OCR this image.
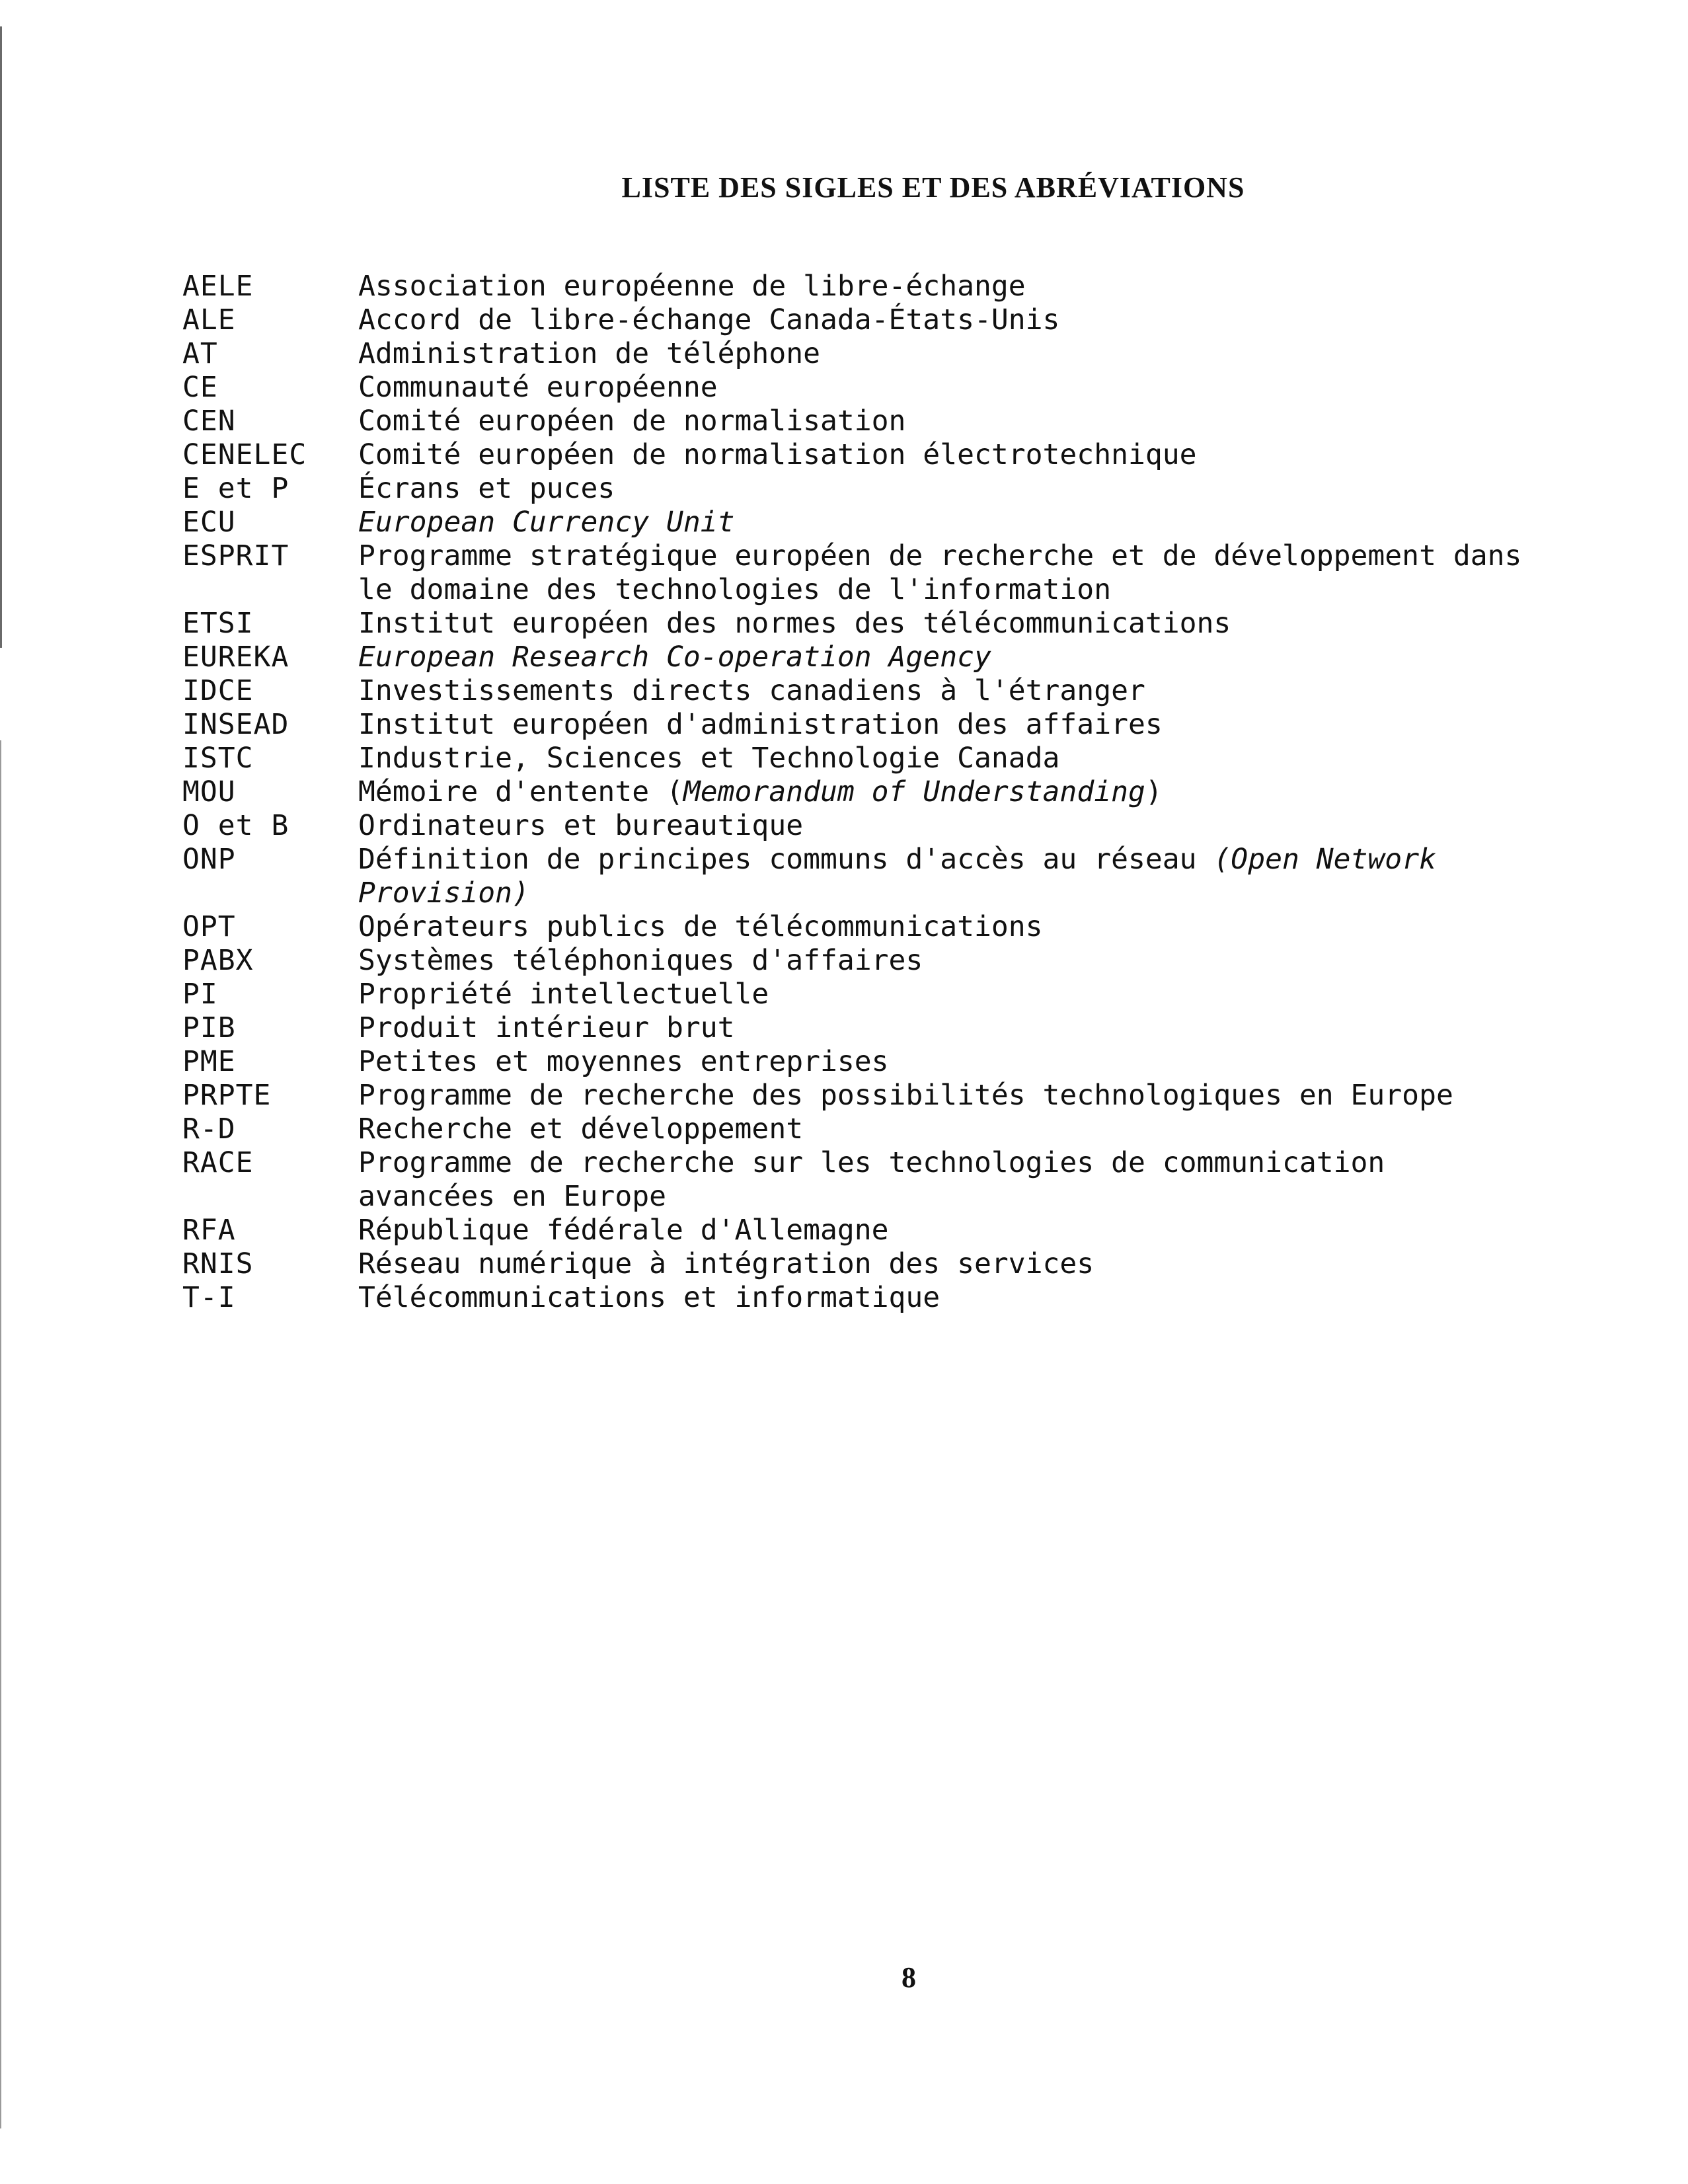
LISTE DES SIGLES ET DES ABRÉVIATIONS
AELE	Association européenne de libre-échange
ALE	Accord de libre-échange Canada-États-Unis
AT	Administration de téléphone
CE	Communauté européenne
CEN	Comité européen de normalisation
CENELEC	Comité européen de normalisation électrotechnique
E et P	Écrans et puces
ECU	European Currency Unit
ESPRIT	Programme stratégique européen de recherche et de développement dans le domaine des technologies de l'information
ETSI	Institut européen des normes des télécommunications
EUREKA	European Research Co-operation Agency
IDCE	Investissements directs canadiens à l'étranger
INSEAD	Institut européen d'administration des affaires
ISTC	Industrie, Sciences et Technologie Canada
MOU	Mémoire d'entente (Memorandum of Understanding)
O et B	Ordinateurs et bureautique
ONP	Définition de principes communs d'accès au réseau (Open Network Provision)
OPT	Opérateurs publics de télécommunications
PABX	Systèmes téléphoniques d'affaires
PI	Propriété intellectuelle
PIB	Produit intérieur brut
PME	Petites et moyennes entreprises
PRPTE	Programme de recherche des possibilités technologiques en Europe
R-D	Recherche et développement
RACE	Programme de recherche sur les technologies de communication avancées en Europe
RFA	République fédérale d'Allemagne
RNIS	Réseau numérique à intégration des services
T-I	Télécommunications et informatique
8
